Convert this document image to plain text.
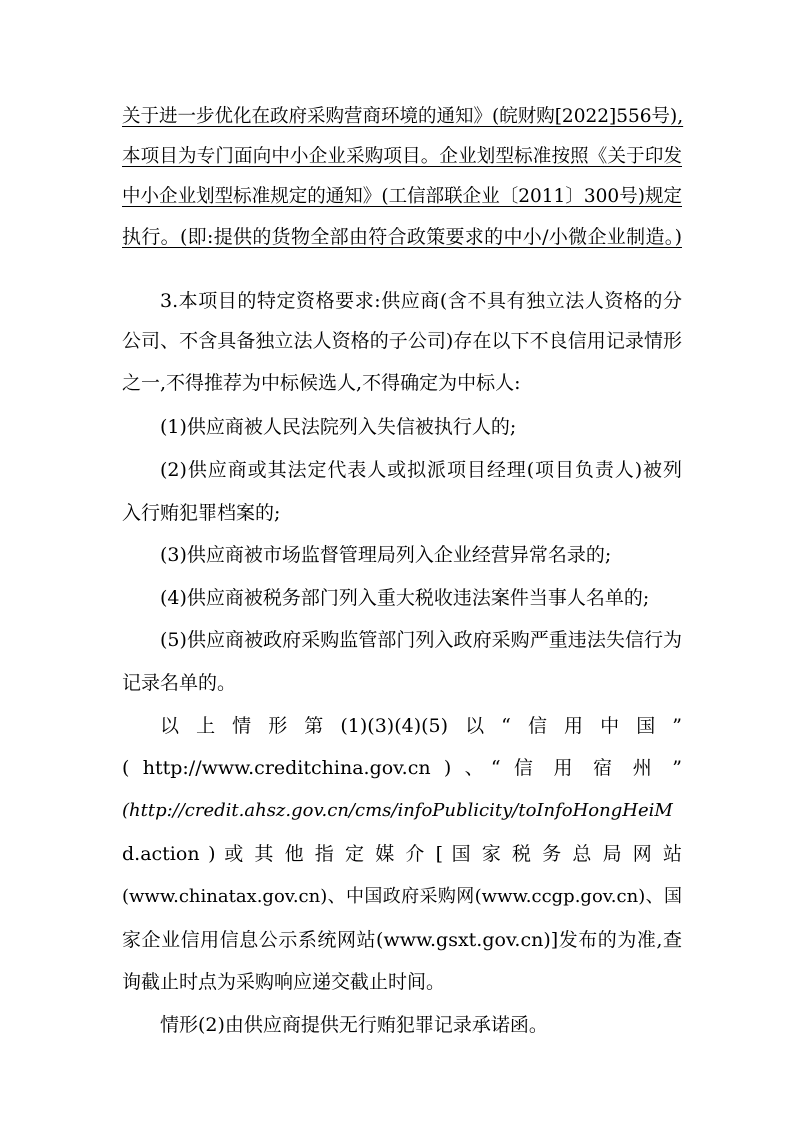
关于进一步优化在政府采购营商环境的通知》(皖财购[2022]556号),
本项目为专门面向中小企业采购项目。企业划型标准按照《关于印发
中小企业划型标准规定的通知》(工信部联企业〔2011〕300号)规定
执行。(即:提供的货物全部由符合政策要求的中小/小微企业制造。)
3.本项目的特定资格要求:供应商(含不具有独立法人资格的分
公司、不含具备独立法人资格的子公司)存在以下不良信用记录情形
之一,不得推荐为中标候选人,不得确定为中标人:
(1)供应商被人民法院列入失信被执行人的;
(2)供应商或其法定代表人或拟派项目经理(项目负责人)被列
入行贿犯罪档案的;
(3)供应商被市场监督管理局列入企业经营异常名录的;
(4)供应商被税务部门列入重大税收违法案件当事人名单的;
(5)供应商被政府采购监管部门列入政府采购严重违法失信行为
记录名单的。
以上情形第(1)(3)(4)(5)以“信用中国”
( http://www.creditchina.gov.cn ) 、“ 信 用 宿 州 ”
(http://credit.ahsz.gov.cn/cms/infoPublicity/toInfoHongHeiM
d.action ) 或 其 他 指 定 媒 介 [ 国 家 税 务 总 局 网 站
(www.chinatax.gov.cn)、中国政府采购网(www.ccgp.gov.cn)、国
家企业信用信息公示系统网站(www.gsxt.gov.cn)]发布的为准,查
询截止时点为采购响应递交截止时间。
情形(2)由供应商提供无行贿犯罪记录承诺函。
